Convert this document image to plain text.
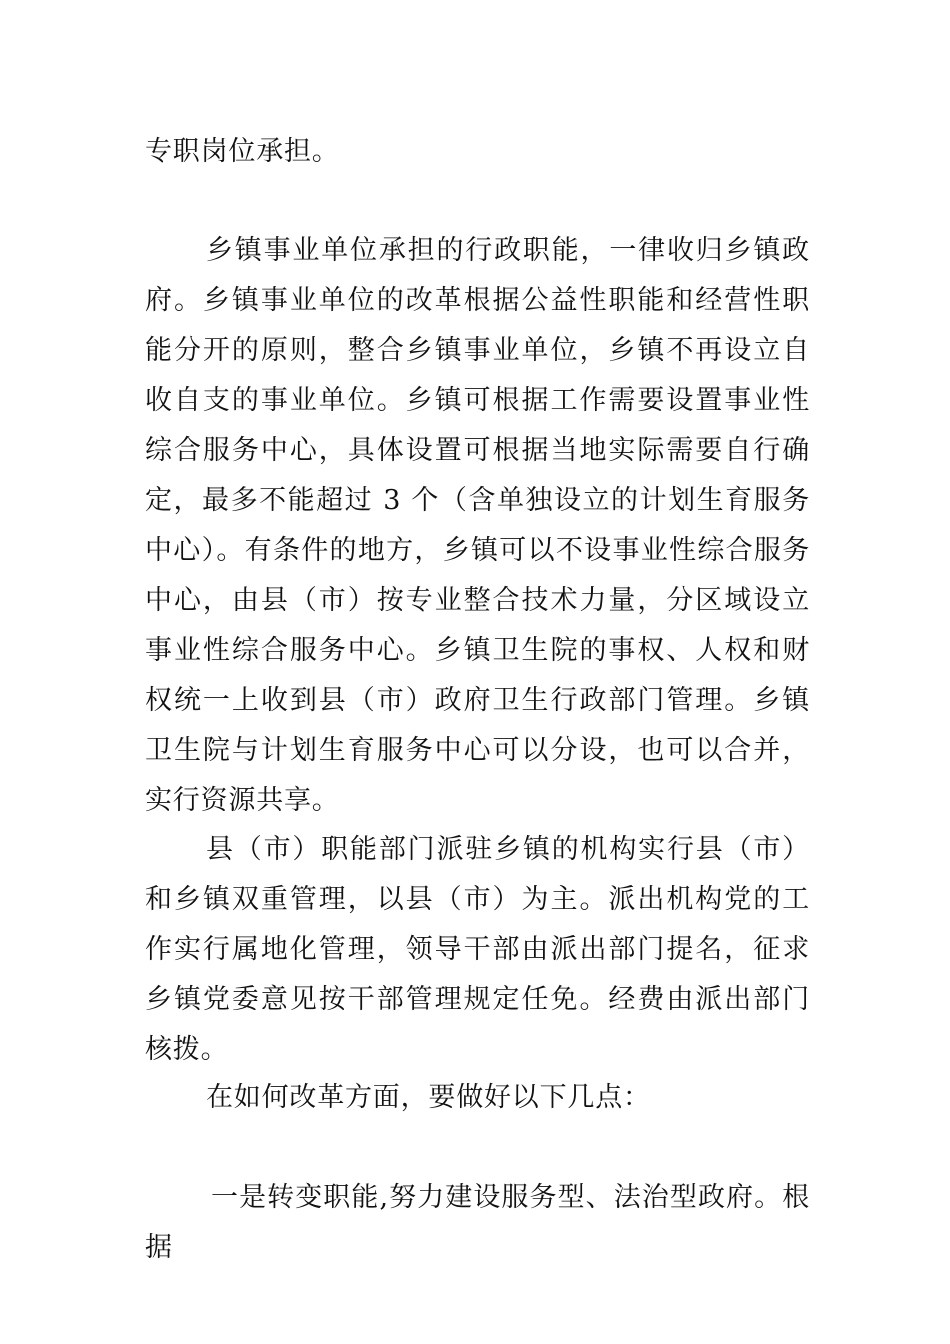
专职岗位承担。

乡镇事业单位承担的行政职能，一律收归乡镇政府。乡镇事业单位的改革根据公益性职能和经营性职能分开的原则，整合乡镇事业单位，乡镇不再设立自收自支的事业单位。乡镇可根据工作需要设置事业性综合服务中心，具体设置可根据当地实际需要自行确定，最多不能超过 3 个（含单独设立的计划生育服务中心）。有条件的地方，乡镇可以不设事业性综合服务中心，由县（市）按专业整合技术力量，分区域设立事业性综合服务中心。乡镇卫生院的事权、人权和财权统一上收到县（市）政府卫生行政部门管理。乡镇卫生院与计划生育服务中心可以分设，也可以合并，实行资源共享。

县（市）职能部门派驻乡镇的机构实行县（市）和乡镇双重管理，以县（市）为主。派出机构党的工作实行属地化管理，领导干部由派出部门提名，征求乡镇党委意见按干部管理规定任免。经费由派出部门核拨。

在如何改革方面，要做好以下几点：

一是转变职能,努力建设服务型、法治型政府。根据
